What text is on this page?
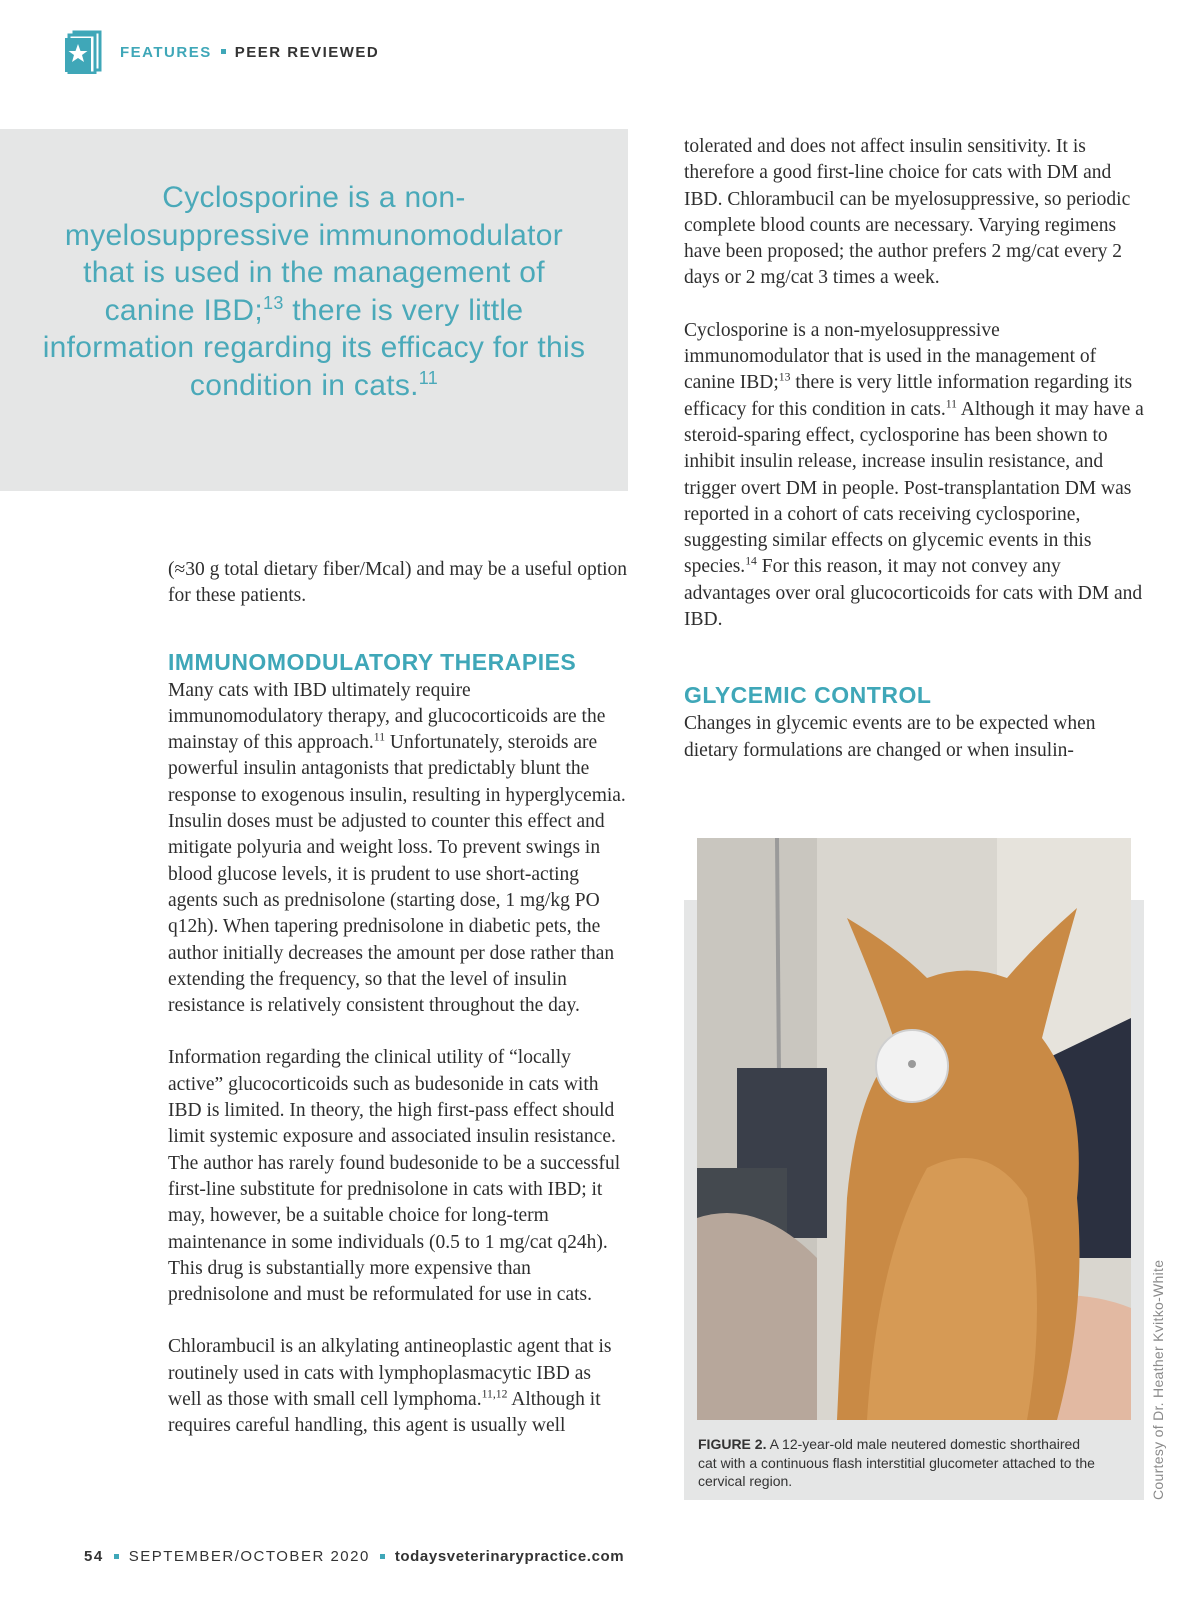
FEATURES PEER REVIEWED
Cyclosporine is a non-myelosuppressive immunomodulator that is used in the management of canine IBD;$^{13}$ there is very little information regarding its efficacy for this condition in cats.$^{11}$

(≈30 g total dietary fiber/Mcal) and may be a useful option for these patients.

IMMUNOMODULATORY THERAPIES

Many cats with IBD ultimately require immunomodulatory therapy, and glucocorticoids are the mainstay of this approach.$^{11}$ Unfortunately, steroids are powerful insulin antagonists that predictably blunt the response to exogenous insulin, resulting in hyperglycemia. Insulin doses must be adjusted to counter this effect and mitigate polyuria and weight loss. To prevent swings in blood glucose levels, it is prudent to use short-acting agents such as prednisolone (starting dose, 1 mg/kg PO q12h). When tapering prednisolone in diabetic pets, the author initially decreases the amount per dose rather than extending the frequency, so that the level of insulin resistance is relatively consistent throughout the day.

Information regarding the clinical utility of “locally active” glucocorticoids such as budesonide in cats with IBD is limited. In theory, the high first-pass effect should limit systemic exposure and associated insulin resistance. The author has rarely found budesonide to be a successful first-line substitute for prednisolone in cats with IBD; it may, however, be a suitable choice for long-term maintenance in some individuals (0.5 to 1 mg/cat q24h). This drug is substantially more expensive than prednisolone and must be reformulated for use in cats.

Chlorambucil is an alkylating antineoplastic agent that is routinely used in cats with lymphoplasmacytic IBD as well as those with small cell lymphoma.$^{11,12}$ Although it requires careful handling, this agent is usually well

tolerated and does not affect insulin sensitivity. It is therefore a good first-line choice for cats with DM and IBD. Chlorambucil can be myelosuppressive, so periodic complete blood counts are necessary. Varying regimens have been proposed; the author prefers 2 mg/cat every 2 days or 2 mg/cat 3 times a week.

Cyclosporine is a non-myelosuppressive immunomodulator that is used in the management of canine IBD;$^{13}$ there is very little information regarding its efficacy for this condition in cats.$^{11}$ Although it may have a steroid-sparing effect, cyclosporine has been shown to inhibit insulin release, increase insulin resistance, and trigger overt DM in people. Post-transplantation DM was reported in a cohort of cats receiving cyclosporine, suggesting similar effects on glycemic events in this species.$^{14}$ For this reason, it may not convey any advantages over oral glucocorticoids for cats with DM and IBD.

GLYCEMIC CONTROL

Changes in glycemic events are to be expected when dietary formulations are changed or when insulin-

FIGURE 2. A 12-year-old male neutered domestic shorthaired cat with a continuous flash interstitial glucometer attached to the cervical region.	Courtesy of Dr. Heather Kvitko-White
54 SEPTEMBER/OCTOBER 2020 todaysveterinarypractice.com
